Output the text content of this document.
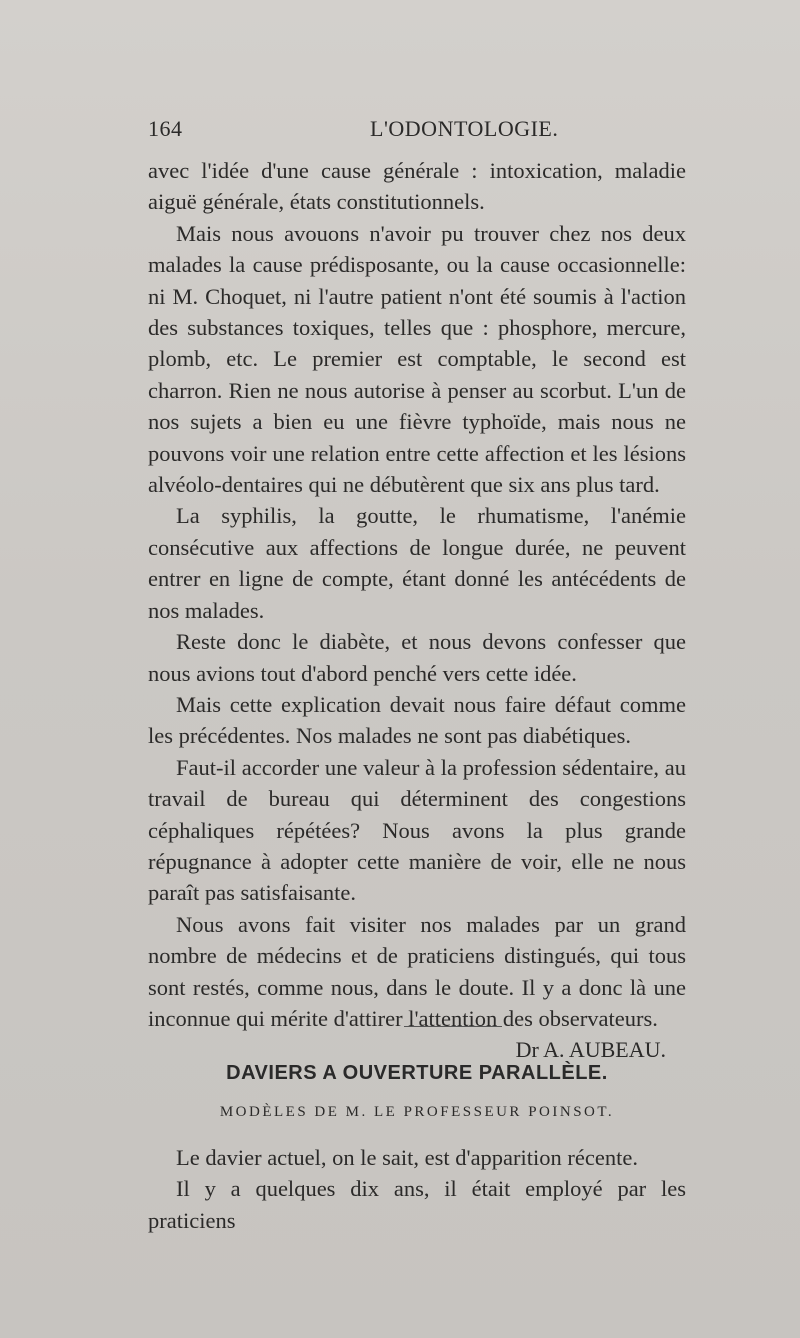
164	L'ODONTOLOGIE.

avec l'idée d'une cause générale : intoxication, maladie aiguë générale, états constitutionnels.

Mais nous avouons n'avoir pu trouver chez nos deux malades la cause prédisposante, ou la cause occasionnelle: ni M. Choquet, ni l'autre patient n'ont été soumis à l'action des substances toxiques, telles que : phosphore, mercure, plomb, etc. Le premier est comptable, le second est charron. Rien ne nous autorise à penser au scorbut. L'un de nos sujets a bien eu une fièvre typhoïde, mais nous ne pouvons voir une relation entre cette affection et les lésions alvéolo-dentaires qui ne débutèrent que six ans plus tard.

La syphilis, la goutte, le rhumatisme, l'anémie consécutive aux affections de longue durée, ne peuvent entrer en ligne de compte, étant donné les antécédents de nos malades.

Reste donc le diabète, et nous devons confesser que nous avions tout d'abord penché vers cette idée.

Mais cette explication devait nous faire défaut comme les précédentes. Nos malades ne sont pas diabétiques.

Faut-il accorder une valeur à la profession sédentaire, au travail de bureau qui déterminent des congestions céphaliques répétées? Nous avons la plus grande répugnance à adopter cette manière de voir, elle ne nous paraît pas satisfaisante.

Nous avons fait visiter nos malades par un grand nombre de médecins et de praticiens distingués, qui tous sont restés, comme nous, dans le doute. Il y a donc là une inconnue qui mérite d'attirer l'attention des observateurs.

Dr A. AUBEAU.

DAVIERS A OUVERTURE PARALLÈLE.
MODÈLES DE M. LE PROFESSEUR POINSOT.

Le davier actuel, on le sait, est d'apparition récente.

Il y a quelques dix ans, il était employé par les praticiens
